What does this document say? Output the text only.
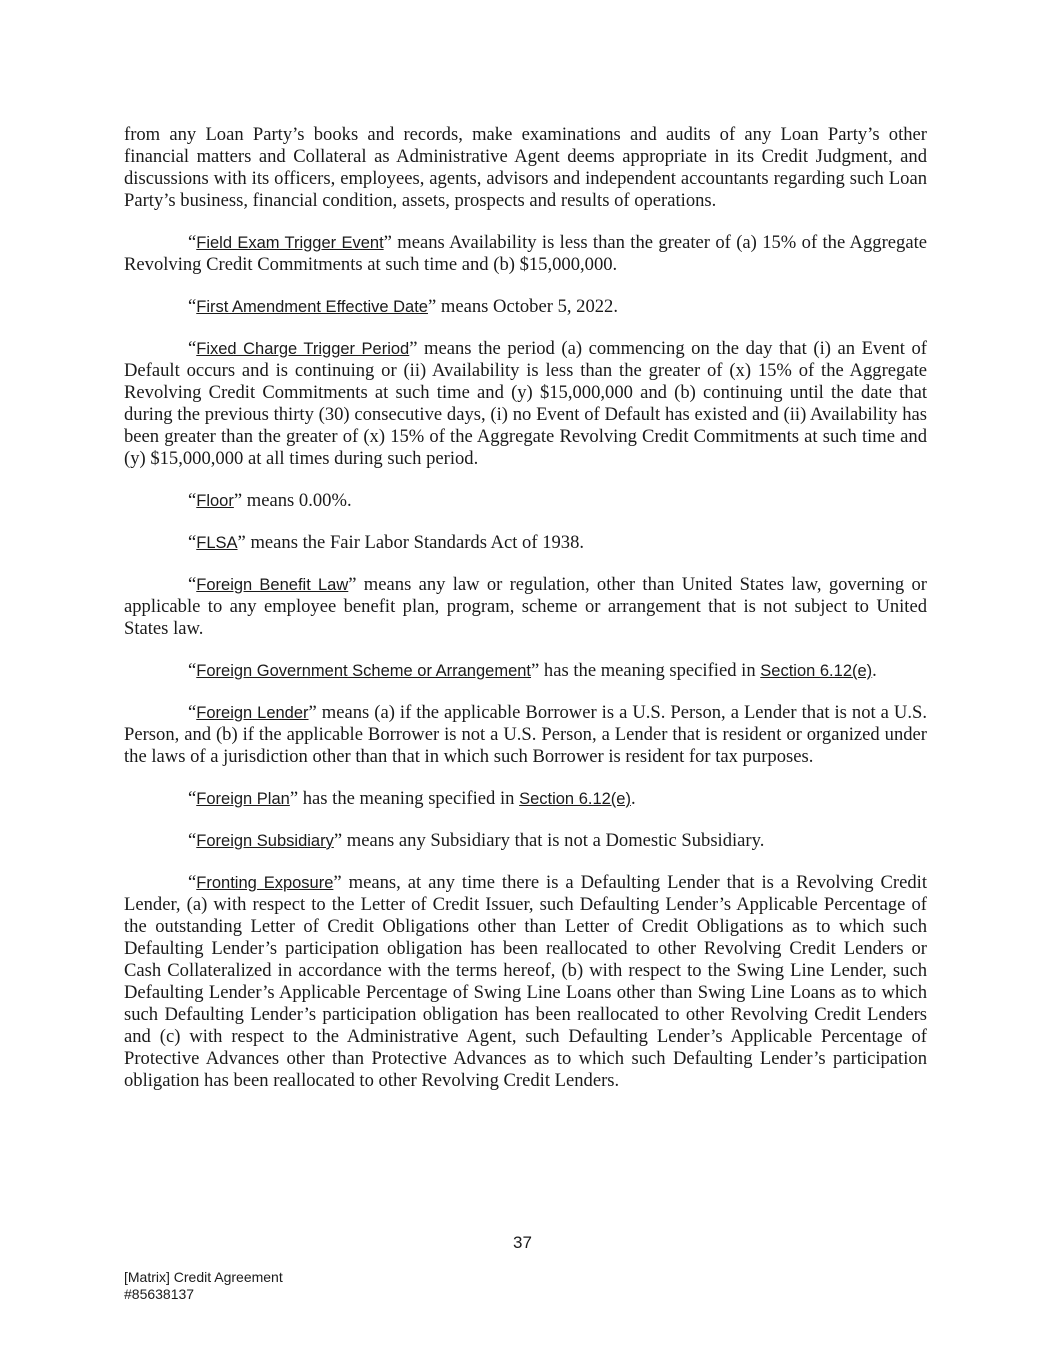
from any Loan Party’s books and records, make examinations and audits of any Loan Party’s other financial matters and Collateral as Administrative Agent deems appropriate in its Credit Judgment, and discussions with its officers, employees, agents, advisors and independent accountants regarding such Loan Party’s business, financial condition, assets, prospects and results of operations.

“Field Exam Trigger Event” means Availability is less than the greater of (a) 15% of the Aggregate Revolving Credit Commitments at such time and (b) $15,000,000.

“First Amendment Effective Date” means October 5, 2022.

“Fixed Charge Trigger Period” means the period (a) commencing on the day that (i) an Event of Default occurs and is continuing or (ii) Availability is less than the greater of (x) 15% of the Aggregate Revolving Credit Commitments at such time and (y) $15,000,000 and (b) continuing until the date that during the previous thirty (30) consecutive days, (i) no Event of Default has existed and (ii) Availability has been greater than the greater of (x) 15% of the Aggregate Revolving Credit Commitments at such time and (y) $15,000,000 at all times during such period.

“Floor” means 0.00%.

“FLSA” means the Fair Labor Standards Act of 1938.

“Foreign Benefit Law” means any law or regulation, other than United States law, governing or applicable to any employee benefit plan, program, scheme or arrangement that is not subject to United States law.

“Foreign Government Scheme or Arrangement” has the meaning specified in Section 6.12(e).

“Foreign Lender” means (a) if the applicable Borrower is a U.S. Person, a Lender that is not a U.S. Person, and (b) if the applicable Borrower is not a U.S. Person, a Lender that is resident or organized under the laws of a jurisdiction other than that in which such Borrower is resident for tax purposes.

“Foreign Plan” has the meaning specified in Section 6.12(e).

“Foreign Subsidiary” means any Subsidiary that is not a Domestic Subsidiary.

“Fronting Exposure” means, at any time there is a Defaulting Lender that is a Revolving Credit Lender, (a) with respect to the Letter of Credit Issuer, such Defaulting Lender’s Applicable Percentage of the outstanding Letter of Credit Obligations other than Letter of Credit Obligations as to which such Defaulting Lender’s participation obligation has been reallocated to other Revolving Credit Lenders or Cash Collateralized in accordance with the terms hereof, (b) with respect to the Swing Line Lender, such Defaulting Lender’s Applicable Percentage of Swing Line Loans other than Swing Line Loans as to which such Defaulting Lender’s participation obligation has been reallocated to other Revolving Credit Lenders and (c) with respect to the Administrative Agent, such Defaulting Lender’s Applicable Percentage of Protective Advances other than Protective Advances as to which such Defaulting Lender’s participation obligation has been reallocated to other Revolving Credit Lenders.

37
[Matrix] Credit Agreement
#85638137
